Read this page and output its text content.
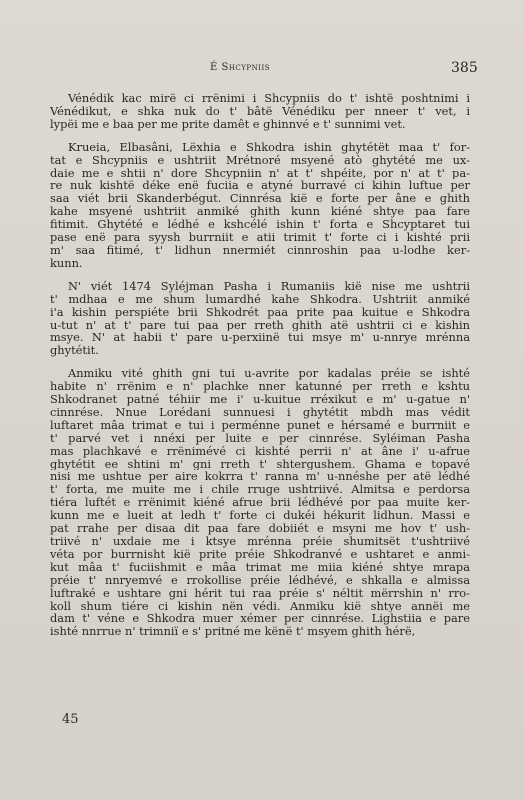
É Shcypniis	385

Vénédik kac mirë ci rrënimi i Shcypniis do t' ishtë poshtnimi i
Vénédikut, e shka nuk do t' bâtë Vénédiku per nneer t' vet, i
lypëi me e baa per me prite damêt e ghinnvé e t' sunnimi vet.

Krueia, Elbasâni, Lëxhia e Shkodra ishin ghytétët maa t' for-
tat e Shcypniis e ushtriit Mrétnoré msyené atò ghytété me ux-
daie me e shtii n' dore Shcypniin n' at t' shpéite, por n' at t' pa-
re nuk kishtë déke enë fuciia e atyné burravé ci kihin luftue per
saa viét brii Skanderbégut. Cinnrésa kië e forte per âne e ghith
kahe msyené ushtriit anmiké ghith kunn kiéné shtye paa fare
fitimit. Ghytété e lédhé e kshcélé ishin t' forta e Shcyptaret tui
pase enë para syysh burrniit e atii trimit t' forte ci i kishté prii
m' saa fitimé, t' lidhun nnermiét cinnroshin paa u-lodhe ker-
kunn.

N' viét 1474 Syléjman Pasha i Rumaniis kië nise me ushtrii
t' mdhaa e me shum lumardhé kahe Shkodra. Ushtriit anmiké
i'a kishin perspiéte brii Shkodrét paa prite paa kuitue e Shkodra
u-tut n' at t' pare tui paa per rreth ghith atë ushtrii ci e kishin
msye. N' at habii t' pare u-perxiinë tui msye m' u-nnrye mrénna
ghytétit.

Anmiku vité ghith gni tui u-avrite por kadalas préie se ishté
habite n' rrënim e n' plachke nner katunné per rreth e kshtu
Shkodranet patné téhiir me i' u-kuitue rréxikut e m' u-gatue n'
cinnrése. Nnue Lorédani sunnuesi i ghytétit mbdh mas védit
luftaret mâa trimat e tui i perménne punet e hérsamé e burrniit e
t' parvé vet i nnéxi per luite e per cinnrése. Syléiman Pasha
mas plachkavé e rrënimévé ci kishté perrii n' at âne i' u-afrue
ghytétit ee shtini m' gni rreth t' shtergushem. Ghama e topavé
nisi me ushtue per aire kokrra t' ranna m' u-nnéshe per atë lédhé
t' forta, me muite me i chile rruge ushtriivé. Almitsa e perdorsa
tiéra luftét e rrënimit kiéné afrue brii lédhévé por paa muite ker-
kunn me e lueit at ledh t' forte ci dukéi hékurit lidhun. Massi e
pat rrahe per disaa dit paa fare dobiiét e msyni me hov t' ush-
triivé n' uxdaie me i ktsye mrénna préie shumitsët t'ushtriivé
véta por burrnisht kië prite préie Shkodranvé e ushtaret e anmi-
kut mâa t' fuciishmit e mâa trimat me miia kiéné shtye mrapa
préie t' nnryemvé e rrokollise préie lédhévé, e shkalla e almissa
luftraké e ushtare gni hérit tui raa préie s' néltit mërrshin n' rro-
koll shum tiére ci kishin nën védi. Anmiku kië shtye annëi me
dam t' véne e Shkodra muer xémer per cinnrése. Lighstiia e pare
ishté nnrrue n' trimniï e s' pritné me kënë t' msyem ghith hérë,

45
